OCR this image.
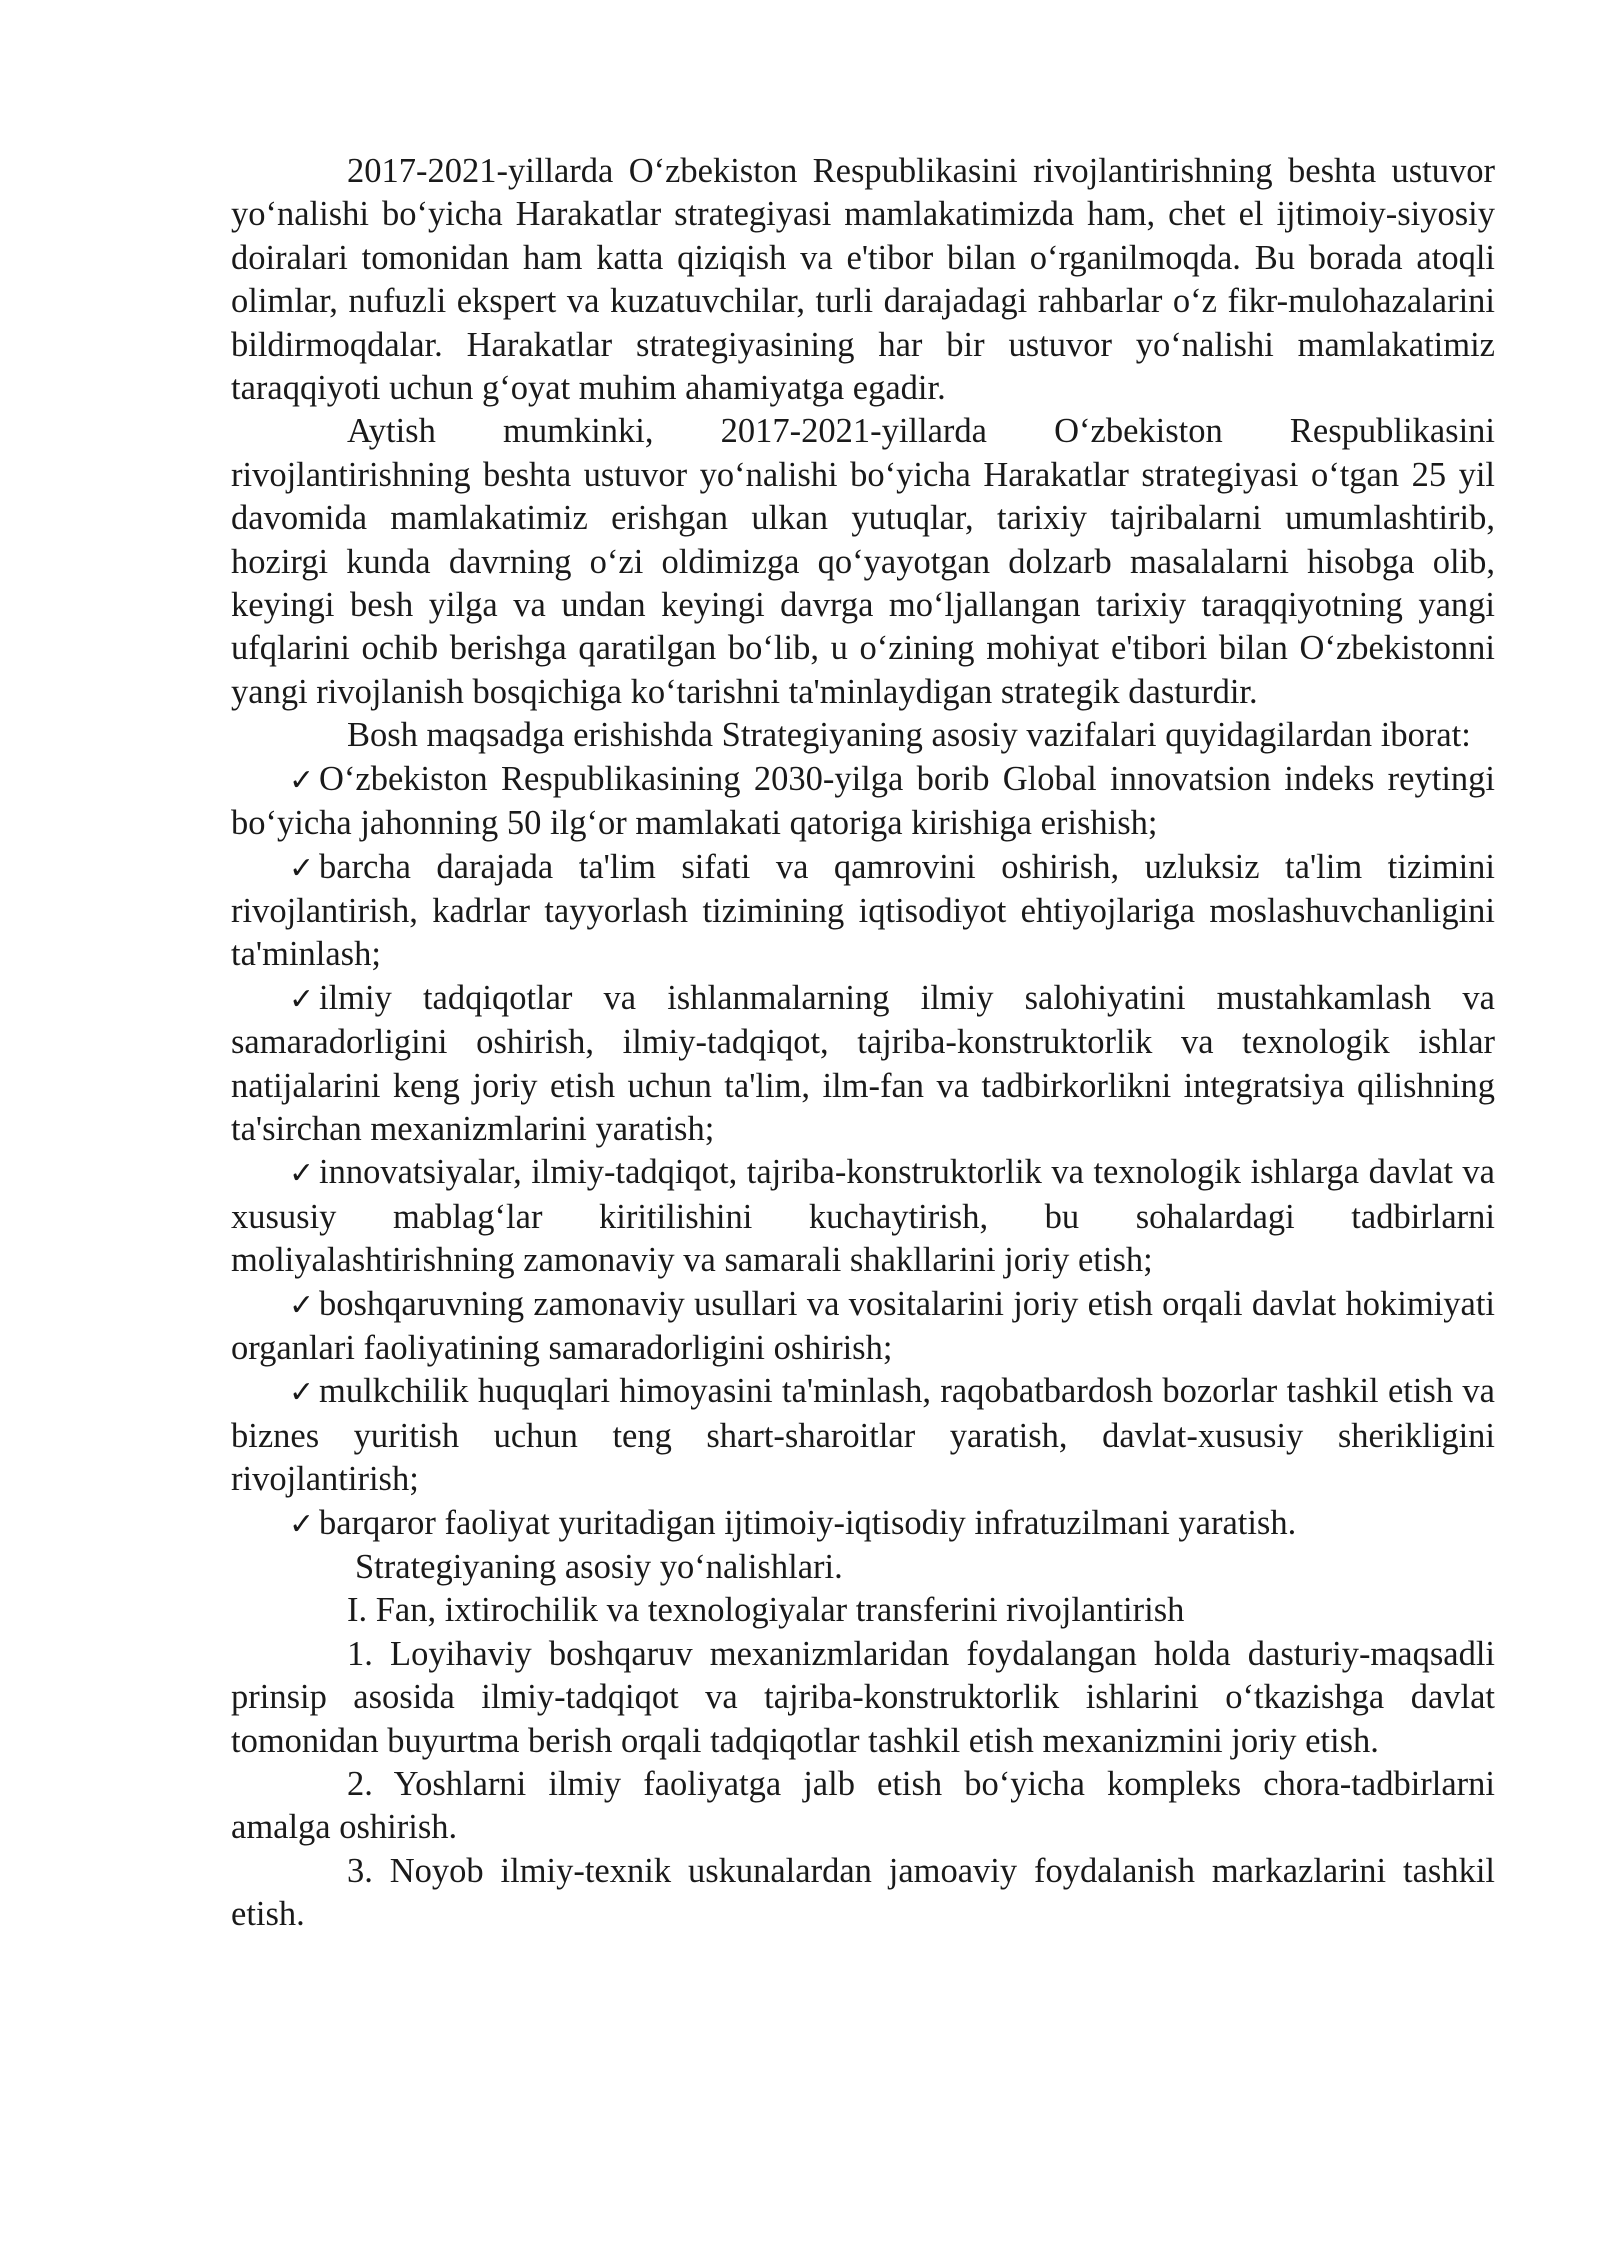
2017-2021-yillarda O‘zbekiston Respublikasini rivojlantirishning beshta ustuvor yo‘nalishi bo‘yicha Harakatlar strategiyasi mamlakatimizda ham, chet el ijtimoiy-siyosiy doiralari tomonidan ham katta qiziqish va e'tibor bilan o‘rganilmoqda. Bu borada atoqli olimlar, nufuzli ekspert va kuzatuvchilar, turli darajadagi rahbarlar o‘z fikr-mulohazalarini bildirmoqdalar. Harakatlar strategiyasining har bir ustuvor yo‘nalishi mamlakatimiz taraqqiyoti uchun g‘oyat muhim ahamiyatga egadir.

Aytish mumkinki, 2017-2021-yillarda O‘zbekiston Respublikasini rivojlantirishning beshta ustuvor yo‘nalishi bo‘yicha Harakatlar strategiyasi o‘tgan 25 yil davomida mamlakatimiz erishgan ulkan yutuqlar, tarixiy tajribalarni umumlashtirib, hozirgi kunda davrning o‘zi oldimizga qo‘yayotgan dolzarb masalalarni hisobga olib, keyingi besh yilga va undan keyingi davrga mo‘ljallangan tarixiy taraqqiyotning yangi ufqlarini ochib berishga qaratilgan bo‘lib, u o‘zining mohiyat e'tibori bilan O‘zbekistonni yangi rivojlanish bosqichiga ko‘tarishni ta'minlaydigan strategik dasturdir.

Bosh maqsadga erishishda Strategiyaning asosiy vazifalari quyidagilardan iborat:

✓ O‘zbekiston Respublikasining 2030-yilga borib Global innovatsion indeks reytingi bo‘yicha jahonning 50 ilg‘or mamlakati qatoriga kirishiga erishish;

✓ barcha darajada ta'lim sifati va qamrovini oshirish, uzluksiz ta'lim tizimini rivojlantirish, kadrlar tayyorlash tizimining iqtisodiyot ehtiyojlariga moslashuvchanligini ta'minlash;

✓ ilmiy tadqiqotlar va ishlanmalarning ilmiy salohiyatini mustahkamlash va samaradorligini oshirish, ilmiy-tadqiqot, tajriba-konstruktorlik va texnologik ishlar natijalarini keng joriy etish uchun ta'lim, ilm-fan va tadbirkorlikni integratsiya qilishning ta'sirchan mexanizmlarini yaratish;

✓ innovatsiyalar, ilmiy-tadqiqot, tajriba-konstruktorlik va texnologik ishlarga davlat va xususiy mablag‘lar kiritilishini kuchaytirish, bu sohalardagi tadbirlarni moliyalashtirishning zamonaviy va samarali shakllarini joriy etish;

✓ boshqaruvning zamonaviy usullari va vositalarini joriy etish orqali davlat hokimiyati organlari faoliyatining samaradorligini oshirish;

✓ mulkchilik huquqlari himoyasini ta'minlash, raqobatbardosh bozorlar tashkil etish va biznes yuritish uchun teng shart-sharoitlar yaratish, davlat-xususiy sherikligini rivojlantirish;

✓ barqaror faoliyat yuritadigan ijtimoiy-iqtisodiy infratuzilmani yaratish.

Strategiyaning asosiy yo‘nalishlari.

I. Fan, ixtirochilik va texnologiyalar transferini rivojlantirish

1. Loyihaviy boshqaruv mexanizmlaridan foydalangan holda dasturiy-maqsadli prinsip asosida ilmiy-tadqiqot va tajriba-konstruktorlik ishlarini o‘tkazishga davlat tomonidan buyurtma berish orqali tadqiqotlar tashkil etish mexanizmini joriy etish.

2. Yoshlarni ilmiy faoliyatga jalb etish bo‘yicha kompleks chora-tadbirlarni amalga oshirish.

3. Noyob ilmiy-texnik uskunalardan jamoaviy foydalanish markazlarini tashkil etish.
